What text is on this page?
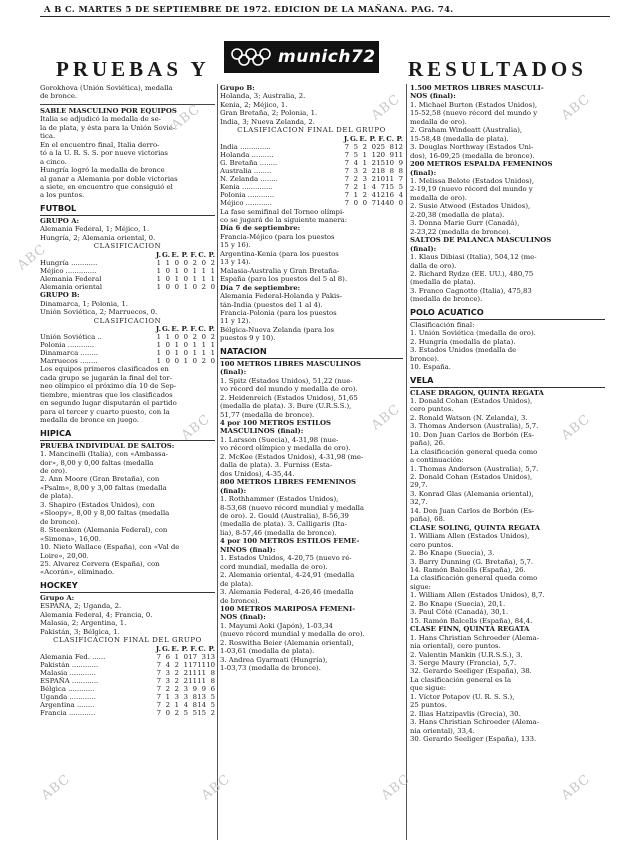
A B C. MARTES 5 DE SEPTIEMBRE DE 1972. EDICION DE LA MAÑANA. PAG. 74.
PRUEBAS Y	munich72 RESULTADOS
Gorokhova (Unión Soviética), medalla
de bronce.
SABLE MASCULINO POR EQUIPOS
Italia se adjudicó la medalla de se-
la de plata, y ésta para la Unión Sovié-
tica.
En el encuentro final, Italia derro-
tó a la U. R. S. S. por nueve victorias
a cinco.
Hungría logró la medalla de bronce
al ganar a Alemania por doble victorias
a siete, en encuentro que consiguió el
a los puntos.
FUTBOL
GRUPO A:
Alemania Federal, 1; Méjico, 1.
Hungría, 2; Alemania oriental, 0.
CLASIFICACION
	J.	G.	E.	P.	F.	C.	P.
Hungría ............	1	1	0	0	2	0	2
Méjico ..............	1	0	1	0	1	1	1
Alemania Federal	1	0	1	0	1	1	1
Alemania oriental	1	0	0	1	0	2	0
GRUPO B:
Dinamarca, 1; Polonia, 1.
Unión Soviética, 2; Marruecos, 0.
CLASIFICACION
	J.	G.	E.	P.	F.	C.	P.
Unión Soviética ..	1	1	0	0	2	0	2
Polonia ............	1	0	1	0	1	1	1
Dinamarca ........	1	0	1	0	1	1	1
Marruecos ........	1	0	0	1	0	2	0
Los equipos primeros clasificados en
cada grupo se jugarán la final del tor-
neo olímpico el próximo día 10 de Sep-
tiembre, mientras que los clasificados
en segundo lugar disputarán el partido
para el tercer y cuarto puesto, con la
medalla de bronce en juego.
HIPICA
PRUEBA INDIVIDUAL DE SALTOS:
1. Mancinelli (Italia), con «Ambassa-
dor», 8,00 y 0,00 faltas (medalla
de oro).
2. Ann Moore (Gran Bretaña), con
«Psalm», 8,00 y 3,00 faltas (medalla
de plata).
3. Shapiro (Estados Unidos), con
«Sloopy», 8,00 y 8,00 faltas (medalla
de bronce).
8. Steenken (Alemania Federal), con
«Simona», 16,00.
10. Nieto Wallace (España), con «Val de
Loire», 20,00.
25. Alvarez Cervera (España), con
«Acorán», eliminado.
HOCKEY
Grupo A:
ESPAÑA, 2; Uganda, 2.
Alemania Federal, 4; Francia, 0.
Malasia, 2; Argentina, 1.
Pakistán, 3; Bélgica, 1.
CLASIFICACION FINAL DEL GRUPO
	J.	G.	E.	P.	F.	C.	P.
Alemania Fed. ......	7	6	1	0	17	3	13
Pakistán ............	7	4	2	1	17	11	10
Malasia ............	7	3	2	2	11	11	8
ESPAÑA ............	7	3	2	2	11	11	8
Bélgica ............	7	2	2	3	9	9	6
Uganda ............	7	1	3	3	8	13	5
Argentina ........	7	2	1	4	8	14	5
Francia ............	7	0	2	5	5	15	2
Grupo B:
Holanda, 3; Australia, 2.
Kenia, 2; Méjico, 1.
Gran Bretaña, 2; Polonia, 1.
India, 3; Nueva Zelanda, 2.
CLASIFICACION FINAL DEL GRUPO
	J.	G.	E.	P.	F.	C.	P.
India ..............	7	5	2	0	25	8	12
Holanda ..........	7	5	1	1	20	9	11
G. Bretaña ........	7	4	1	2	15	10	9
Australia ........	7	3	2	2	18	8	8
N. Zelanda ........	7	2	3	2	10	11	7
Kenia ..............	7	2	1	4	7	15	5
Polonia ............	7	1	2	4	12	16	4
Méjico ............	7	0	0	7	14	40	0
La fase semifinal del Torneo olímpi-
co se jugará de la siguiente manera:
Día 6 de septiembre:
Francia-Méjico (para los puestos
15 y 16).
Argentina-Kenia (para los puestos
13 y 14).
Malasia-Australia y Gran Bretaña-
España (para los puestos del 5 al 8).
Día 7 de septiembre:
Alemania Federal-Holanda y Pakis-
tán-India (puestos del 1 al 4).
Francia-Polonia (para los puestos
11 y 12).
Bélgica-Nueva Zelanda (para los
puestos 9 y 10).
NATACION
100 METROS LIBRES MASCULINOS
(final):
1. Spitz (Estados Unidos), 51,22 (nue-
vo récord del mundo y medalla de oro).
2. Heidenreich (Estados Unidos), 51,65
(medalla de plata). 3. Bure (U.R.S.S.),
51,77 (medalla de bronce).
4 por 100 METROS ESTILOS
MASCULINOS (final):
1. Larsson (Suecia), 4-31,98 (nue-
vo récord olímpico y medalla de oro).
2. McKee (Estados Unidos), 4-31,98 (me-
dalla de plata). 3. Furniss (Esta-
dos Unidos), 4-35,44.
800 METROS LIBRES FEMENINOS
(final):
1. Rothhammer (Estados Unidos),
8-53,68 (nuevo récord mundial y medalla
de oro). 2. Gould (Australia), 8-56,39
(medalla de plata). 3. Calligaris (Ita-
lia), 8-57,46 (medalla de bronce).
4 por 100 METROS ESTILOS FEME-
NINOS (final):
1. Estados Unidos, 4-20,75 (nuevo ré-
cord mundial, medalla de oro).
2. Alemania oriental, 4-24,91 (medalla
de plata).
3. Alemania Federal, 4-26,46 (medalla
de bronce).
100 METROS MARIPOSA FEMENI-
NOS (final):
1. Mayumi Aoki (Japón), 1-03,34
(nuevo récord mundial y medalla de oro).
2. Roswitha Beier (Alemania oriental),
1-03,61 (medalla de plata).
3. Andrea Gyarmati (Hungría),
1-03,73 (medalla de bronce).
1.500 METROS LIBRES MASCULI-
NOS (final):
1. Michael Burton (Estados Unidos),
15-52,58 (nuevo récord del mundo y
medalla de oro).
2. Graham Windeatt (Australia),
15-58,48 (medalla de plata).
3. Douglas Northway (Estados Uni-
dos), 16-09,25 (medalla de bronce).
200 METROS ESPALDA FEMENINOS
(final):
1. Melissa Belote (Estados Unidos),
2-19,19 (nuevo récord del mundo y
medalla de oro).
2. Susie Atwood (Estados Unidos),
2-20,38 (medalla de plata).
3. Donna Marie Gurr (Canadá),
2-23,22 (medalla de bronce).
SALTOS DE PALANCA MASCULINOS
(final):
1. Klaus Dibiasi (Italia), 504,12 (me-
dalla de oro).
2. Richard Rydze (EE. UU.), 480,75
(medalla de plata).
3. Franco Cagnotto (Italia), 475,83
(medalla de bronce).
POLO ACUATICO
Clasificación final:
1. Unión Soviética (medalla de oro).
2. Hungría (medalla de plata).
3. Estados Unidos (medalla de
bronce).
10. España.
VELA
CLASE DRAGON, QUINTA REGATA
1. Donald Cohan (Estados Unidos),
cero puntos.
2. Ronald Watson (N. Zelanda), 3.
3. Thomas Anderson (Australia), 5,7.
10. Don Juan Carlos de Borbón (Es-
paña), 26.
La clasificación general queda como
a continuación:
1. Thomas Anderson (Australia), 5,7.
2. Donald Cohan (Estados Unidos),
29,7.
3. Konrad Glas (Alemania oriental),
32,7.
14. Don Juan Carlos de Borbón (Es-
paña), 68.
CLASE SOLING, QUINTA REGATA
1. William Allen (Estados Unidos),
cero puntos.
2. Bo Knape (Suecia), 3.
3. Barry Dunning (G. Bretaña), 5,7.
14. Ramón Balcells (España), 26.
La clasificación general queda como
sigue:
1. William Allen (Estados Unidos), 8,7.
2. Bo Knape (Suecia), 20,1.
3. Paul Côté (Canadá), 30,1.
15. Ramón Balcells (España), 84,4.
CLASE FINN, QUINTA REGATA
1. Hans Christian Schroeder (Alema-
nia oriental), cero puntos.
2. Valentin Mankin (U.R.S.S.), 3.
3. Serge Maury (Francia), 5,7.
32. Gerardo Seeliger (España), 38.
La clasificación general es la
que sigue:
1. Víctor Potapov (U. R. S. S.),
25 puntos.
2. Ilias Hatzipavlis (Grecia), 30.
3. Hans Christian Schroeder (Alema-
nia oriental), 33,4.
30. Gerardo Seeliger (España), 133.
ABC
ABC	ABC	ABC
ABC	ABC	ABC
ABC	ABC	ABC	ABC
